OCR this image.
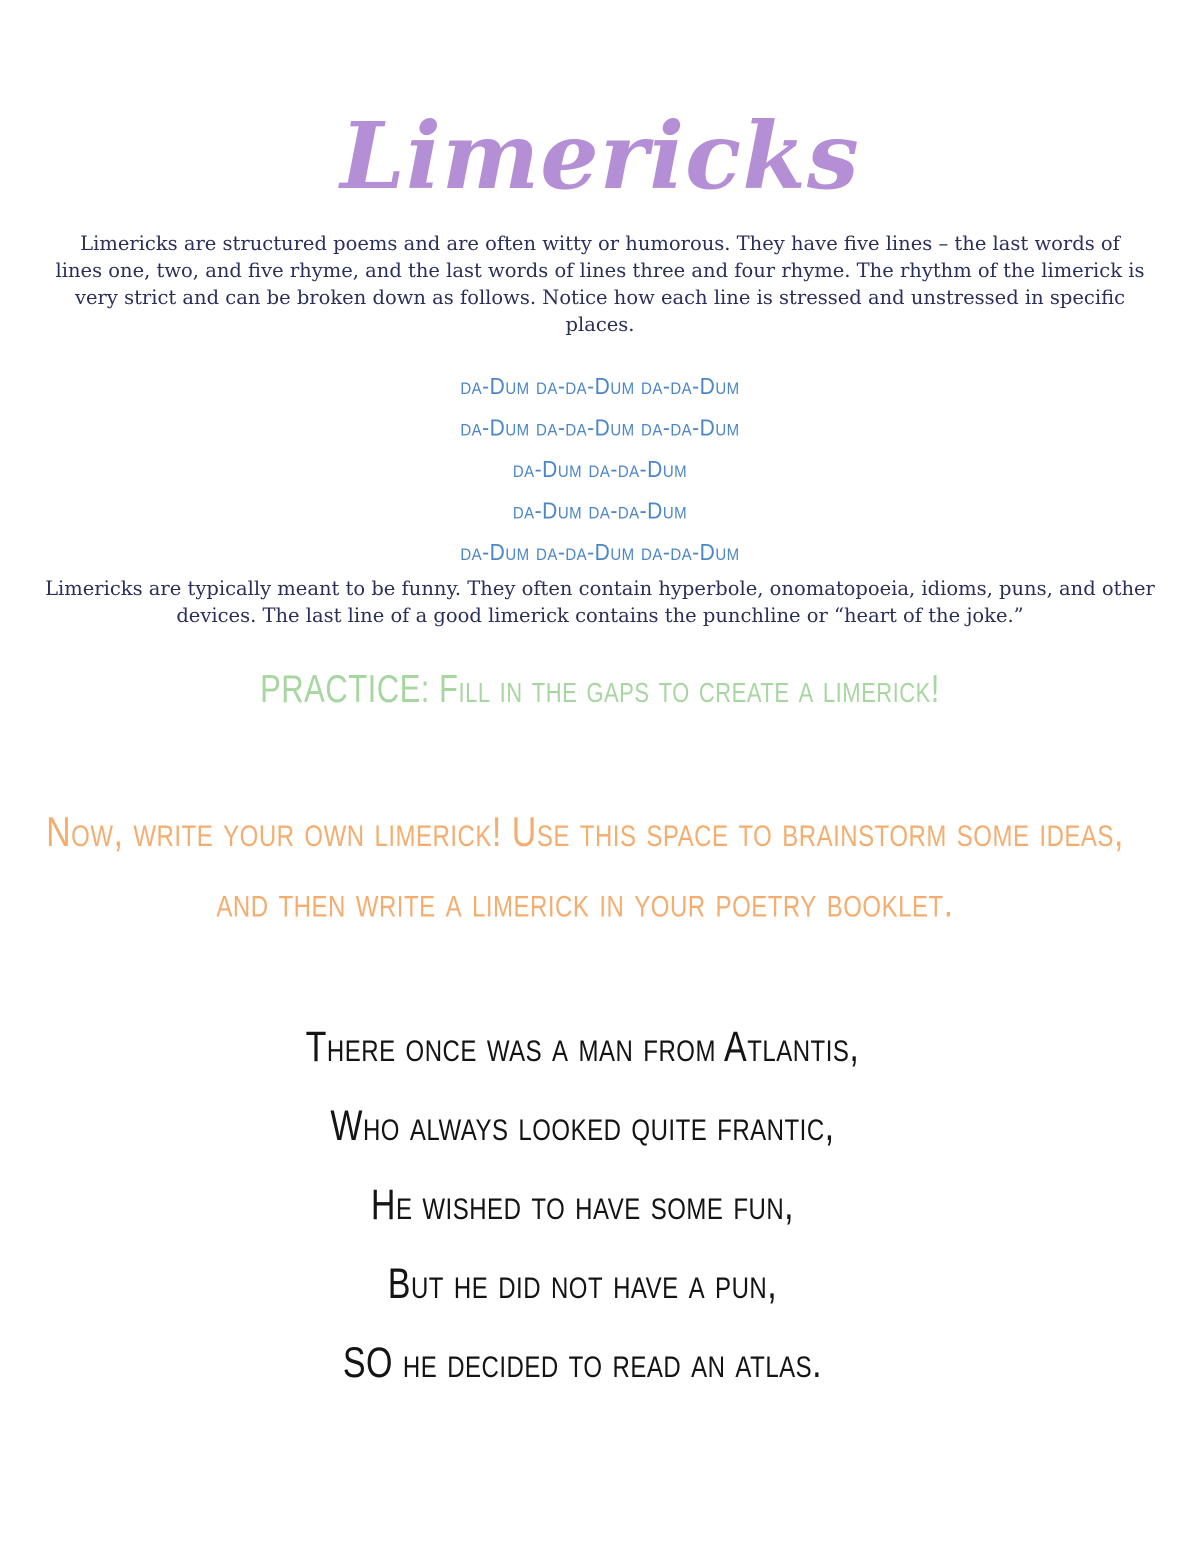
Limericks

Limericks are structured poems and are often witty or humorous. They have five lines – the last words of lines one, two, and five rhyme, and the last words of lines three and four rhyme. The rhythm of the limerick is very strict and can be broken down as follows. Notice how each line is stressed and unstressed in specific places.

da-Dum da-da-Dum da-da-Dum
da-Dum da-da-Dum da-da-Dum
da-Dum da-da-Dum
da-Dum da-da-Dum
da-Dum da-da-Dum da-da-Dum

Limericks are typically meant to be funny. They often contain hyperbole, onomatopoeia, idioms, puns, and other devices. The last line of a good limerick contains the punchline or “heart of the joke.”

PRACTICE: Fill in the gaps to create a limerick!
Now, write your own limerick! Use this space to brainstorm some ideas, and then write a limerick in your poetry booklet.
There once was a man from Atlantis,
Who always looked quite frantic,
He wished to have some fun,
But he did not have a pun,
SO he decided to read an atlas.
